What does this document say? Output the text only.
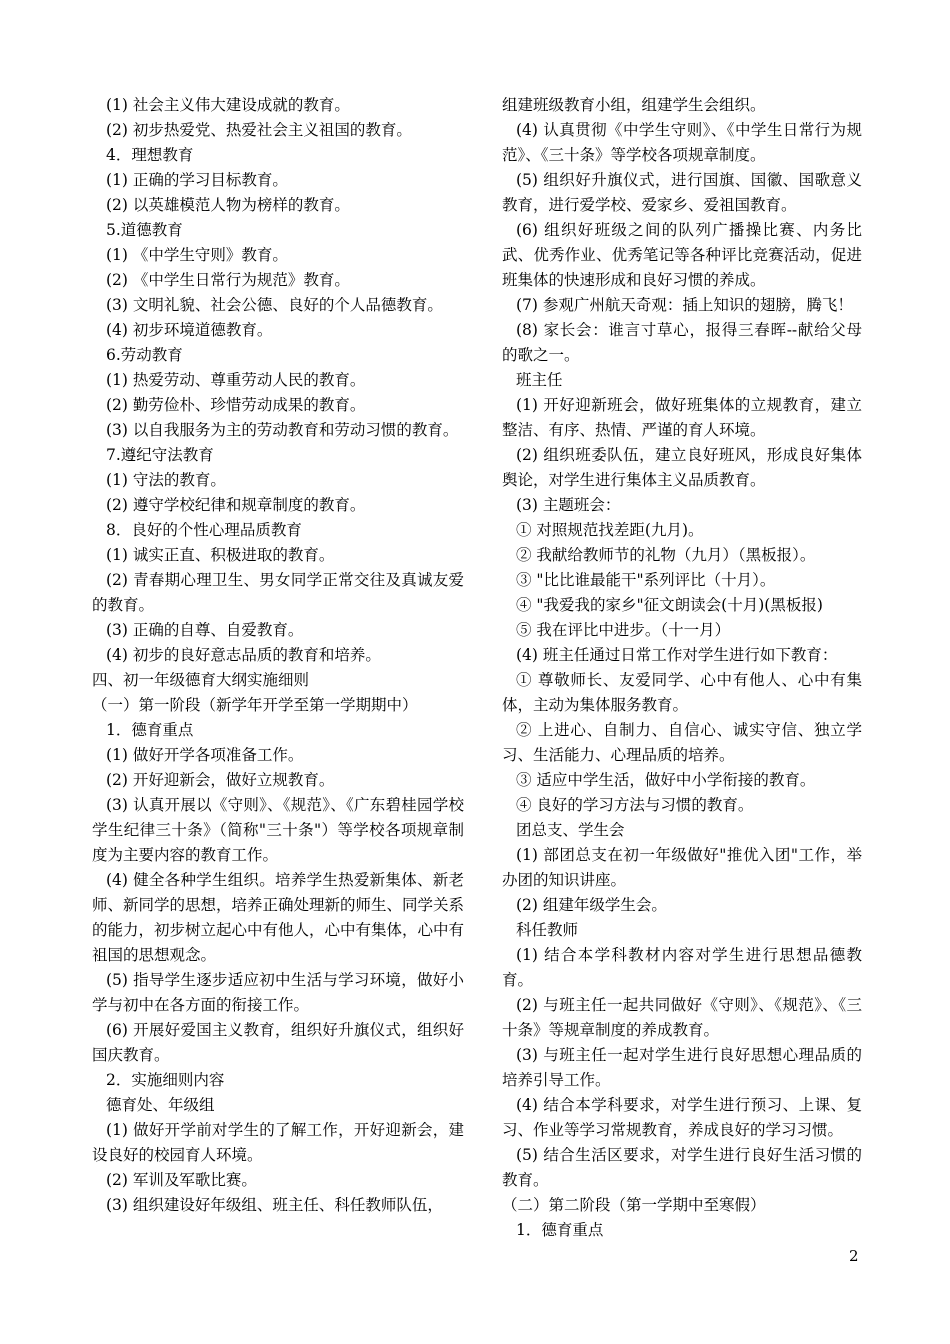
(1) 社会主义伟大建设成就的教育。

(2) 初步热爱党、热爱社会主义祖国的教育。

4．理想教育

(1) 正确的学习目标教育。

(2) 以英雄模范人物为榜样的教育。

5.道德教育

(1) 《中学生守则》教育。

(2) 《中学生日常行为规范》教育。

(3) 文明礼貌、社会公德、良好的个人品德教育。

(4) 初步环境道德教育。

6.劳动教育

(1) 热爱劳动、尊重劳动人民的教育。

(2) 勤劳俭朴、珍惜劳动成果的教育。

(3) 以自我服务为主的劳动教育和劳动习惯的教育。

7.遵纪守法教育

(1) 守法的教育。

(2) 遵守学校纪律和规章制度的教育。

8．良好的个性心理品质教育

(1) 诚实正直、积极进取的教育。

(2) 青春期心理卫生、男女同学正常交往及真诚友爱的教育。

(3) 正确的自尊、自爱教育。

(4) 初步的良好意志品质的教育和培养。

四、初一年级德育大纲实施细则

（一）第一阶段（新学年开学至第一学期期中）

1．德育重点

(1) 做好开学各项准备工作。

(2) 开好迎新会，做好立规教育。

(3) 认真开展以《守则》、《规范》、《广东碧桂园学校学生纪律三十条》（简称"三十条"）等学校各项规章制度为主要内容的教育工作。

(4) 健全各种学生组织。培养学生热爱新集体、新老师、新同学的思想，培养正确处理新的师生、同学关系的能力，初步树立起心中有他人，心中有集体，心中有祖国的思想观念。

(5) 指导学生逐步适应初中生活与学习环境，做好小学与初中在各方面的衔接工作。

(6) 开展好爱国主义教育，组织好升旗仪式，组织好国庆教育。

2．实施细则内容

德育处、年级组

(1) 做好开学前对学生的了解工作，开好迎新会，建设良好的校园育人环境。

(2) 军训及军歌比赛。

(3) 组织建设好年级组、班主任、科任教师队伍，

组建班级教育小组，组建学生会组织。

(4) 认真贯彻《中学生守则》、《中学生日常行为规范》、《三十条》等学校各项规章制度。

(5) 组织好升旗仪式，进行国旗、国徽、国歌意义教育，进行爱学校、爱家乡、爱祖国教育。

(6) 组织好班级之间的队列广播操比赛、内务比武、优秀作业、优秀笔记等各种评比竞赛活动，促进班集体的快速形成和良好习惯的养成。

(7) 参观广州航天奇观：插上知识的翅膀，腾飞！

(8) 家长会：谁言寸草心，报得三春晖--献给父母的歌之一。

班主任

(1) 开好迎新班会，做好班集体的立规教育，建立整洁、有序、热情、严谨的育人环境。

(2) 组织班委队伍，建立良好班风，形成良好集体舆论，对学生进行集体主义品质教育。

(3) 主题班会：

① 对照规范找差距(九月)。

② 我献给教师节的礼物（九月）（黑板报）。

③ "比比谁最能干"系列评比（十月）。

④ "我爱我的家乡"征文朗读会(十月)(黑板报)

⑤ 我在评比中进步。（十一月）

(4) 班主任通过日常工作对学生进行如下教育：

① 尊敬师长、友爱同学、心中有他人、心中有集体，主动为集体服务教育。

② 上进心、自制力、自信心、诚实守信、独立学习、生活能力、心理品质的培养。

③ 适应中学生活，做好中小学衔接的教育。

④ 良好的学习方法与习惯的教育。

团总支、学生会

(1) 部团总支在初一年级做好"推优入团"工作，举办团的知识讲座。

(2) 组建年级学生会。

科任教师

(1) 结合本学科教材内容对学生进行思想品德教育。

(2) 与班主任一起共同做好《守则》、《规范》、《三十条》等规章制度的养成教育。

(3) 与班主任一起对学生进行良好思想心理品质的培养引导工作。

(4) 结合本学科要求，对学生进行预习、上课、复习、作业等学习常规教育，养成良好的学习习惯。

(5) 结合生活区要求，对学生进行良好生活习惯的教育。

（二）第二阶段（第一学期中至寒假）

1．德育重点

2
